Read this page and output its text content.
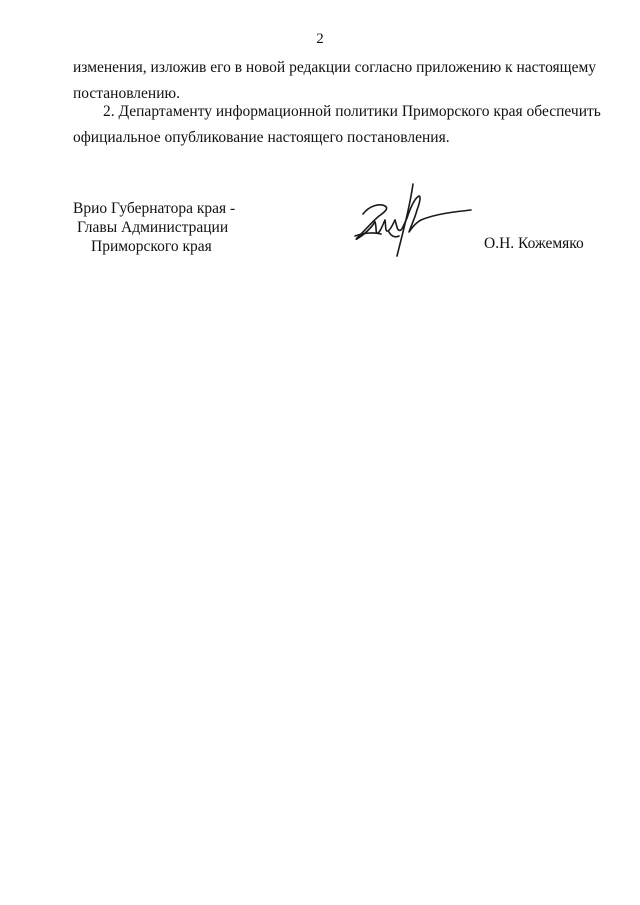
2
изменения, изложив его в новой редакции согласно приложению к настоящему
постановлению.
2. Департаменту информационной политики Приморского края обеспечить
официальное опубликование настоящего постановления.
Врио Губернатора края -
Главы Администрации
Приморского края	О.Н. Кожемяко
